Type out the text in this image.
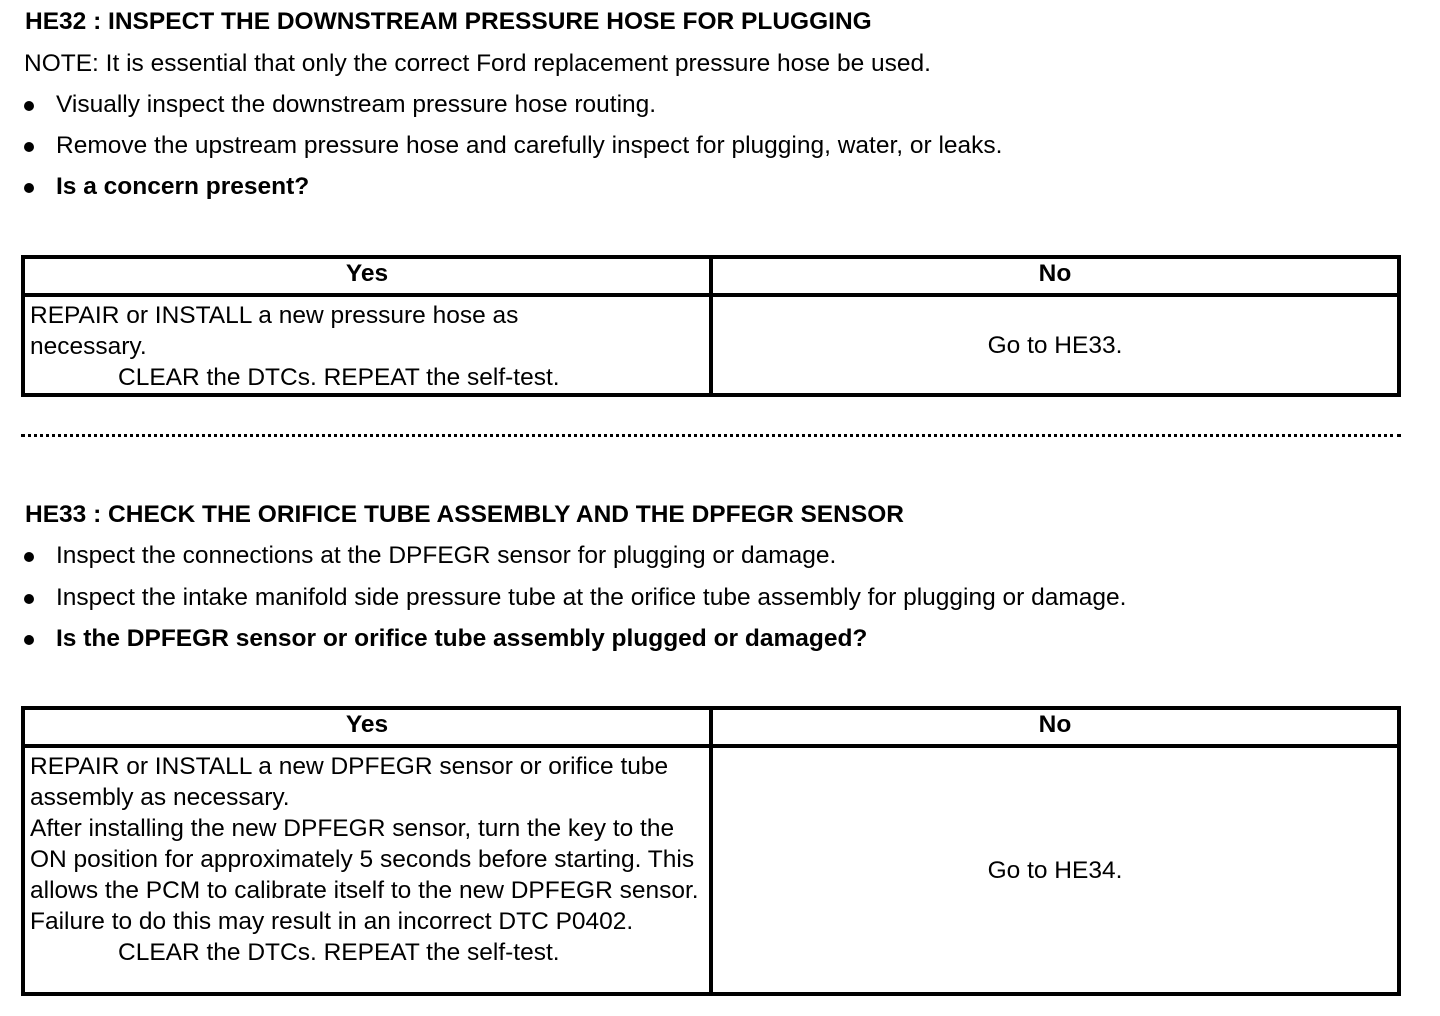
HE32 : INSPECT THE DOWNSTREAM PRESSURE HOSE FOR PLUGGING
NOTE: It is essential that only the correct Ford replacement pressure hose be used.
Visually inspect the downstream pressure hose routing.
Remove the upstream pressure hose and carefully inspect for plugging, water, or leaks.
Is a concern present?
Yes	No

REPAIR or INSTALL a new pressure hose as necessary.
CLEAR the DTCs. REPEAT the self-test.	Go to HE33.
HE33 : CHECK THE ORIFICE TUBE ASSEMBLY AND THE DPFEGR SENSOR
Inspect the connections at the DPFEGR sensor for plugging or damage.
Inspect the intake manifold side pressure tube at the orifice tube assembly for plugging or damage.
Is the DPFEGR sensor or orifice tube assembly plugged or damaged?
Yes	No

REPAIR or INSTALL a new DPFEGR sensor or orifice tube assembly as necessary.
After installing the new DPFEGR sensor, turn the key to the ON position for approximately 5 seconds before starting. This allows the PCM to calibrate itself to the new DPFEGR sensor. Failure to do this may result in an incorrect DTC P0402.
CLEAR the DTCs. REPEAT the self-test.	Go to HE34.
